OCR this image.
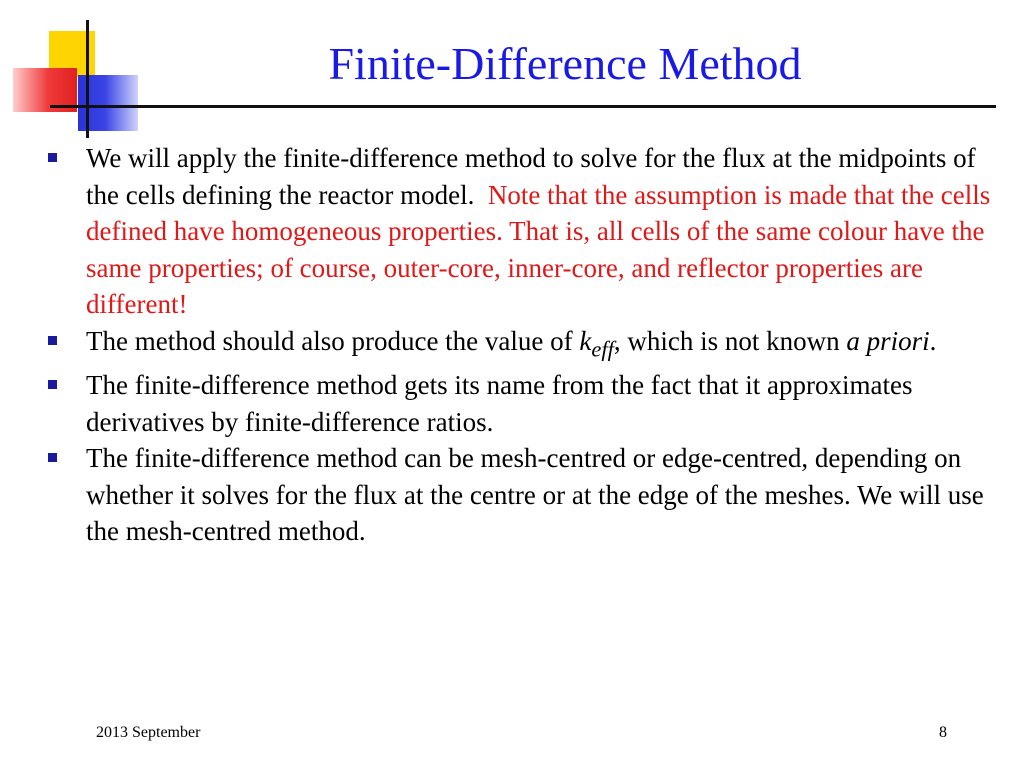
Finite-Difference Method
We will apply the finite-difference method to solve for the flux at the midpoints of the cells defining the reactor model. Note that the assumption is made that the cells defined have homogeneous properties. That is, all cells of the same colour have the same properties; of course, outer-core, inner-core, and reflector properties are different!
The method should also produce the value of $k_{eff}$, which is not known a priori.
The finite-difference method gets its name from the fact that it approximates derivatives by finite-difference ratios.
The finite-difference method can be mesh-centred or edge-centred, depending on whether it solves for the flux at the centre or at the edge of the meshes. We will use the mesh-centred method.
2013 September	8
